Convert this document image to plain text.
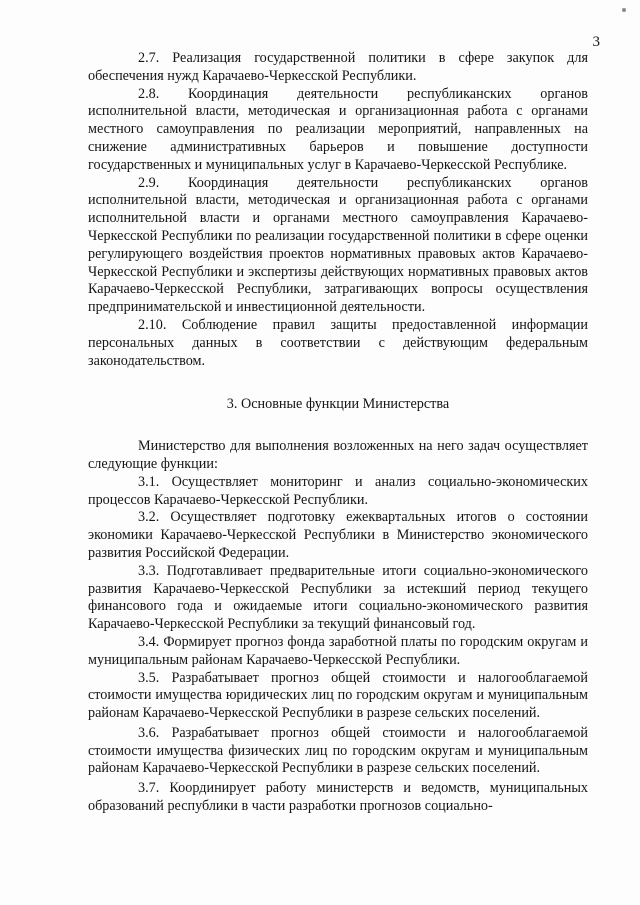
3

2.7. Реализация государственной политики в сфере закупок для обеспечения нужд Карачаево-Черкесской Республики.

2.8. Координация деятельности республиканских органов исполнительной власти, методическая и организационная работа с органами местного самоуправления по реализации мероприятий, направленных на снижение административных барьеров и повышение доступности государственных и муниципальных услуг в Карачаево-Черкесской Республике.

2.9. Координация деятельности республиканских органов исполнительной власти, методическая и организационная работа с органами исполнительной власти и органами местного самоуправления Карачаево-Черкесской Республики по реализации государственной политики в сфере оценки регулирующего воздействия проектов нормативных правовых актов Карачаево-Черкесской Республики и экспертизы действующих нормативных правовых актов Карачаево-Черкесской Республики, затрагивающих вопросы осуществления предпринимательской и инвестиционной деятельности.

2.10. Соблюдение правил защиты предоставленной информации персональных данных в соответствии с действующим федеральным законодательством.

3. Основные функции Министерства

Министерство для выполнения возложенных на него задач осуществляет следующие функции:

3.1. Осуществляет мониторинг и анализ социально-экономических процессов Карачаево-Черкесской Республики.

3.2. Осуществляет подготовку ежеквартальных итогов о состоянии экономики Карачаево-Черкесской Республики в Министерство экономического развития Российской Федерации.

3.3. Подготавливает предварительные итоги социально-экономического развития Карачаево-Черкесской Республики за истекший период текущего финансового года и ожидаемые итоги социально-экономического развития Карачаево-Черкесской Республики за текущий финансовый год.

3.4. Формирует прогноз фонда заработной платы по городским округам и муниципальным районам Карачаево-Черкесской Республики.

3.5. Разрабатывает прогноз общей стоимости и налогооблагаемой стоимости имущества юридических лиц по городским округам и муниципальным районам Карачаево-Черкесской Республики в разрезе сельских поселений.

3.6. Разрабатывает прогноз общей стоимости и налогооблагаемой стоимости имущества физических лиц по городским округам и муниципальным районам Карачаево-Черкесской Республики в разрезе сельских поселений.

3.7. Координирует работу министерств и ведомств, муниципальных образований республики в части разработки прогнозов социально-
